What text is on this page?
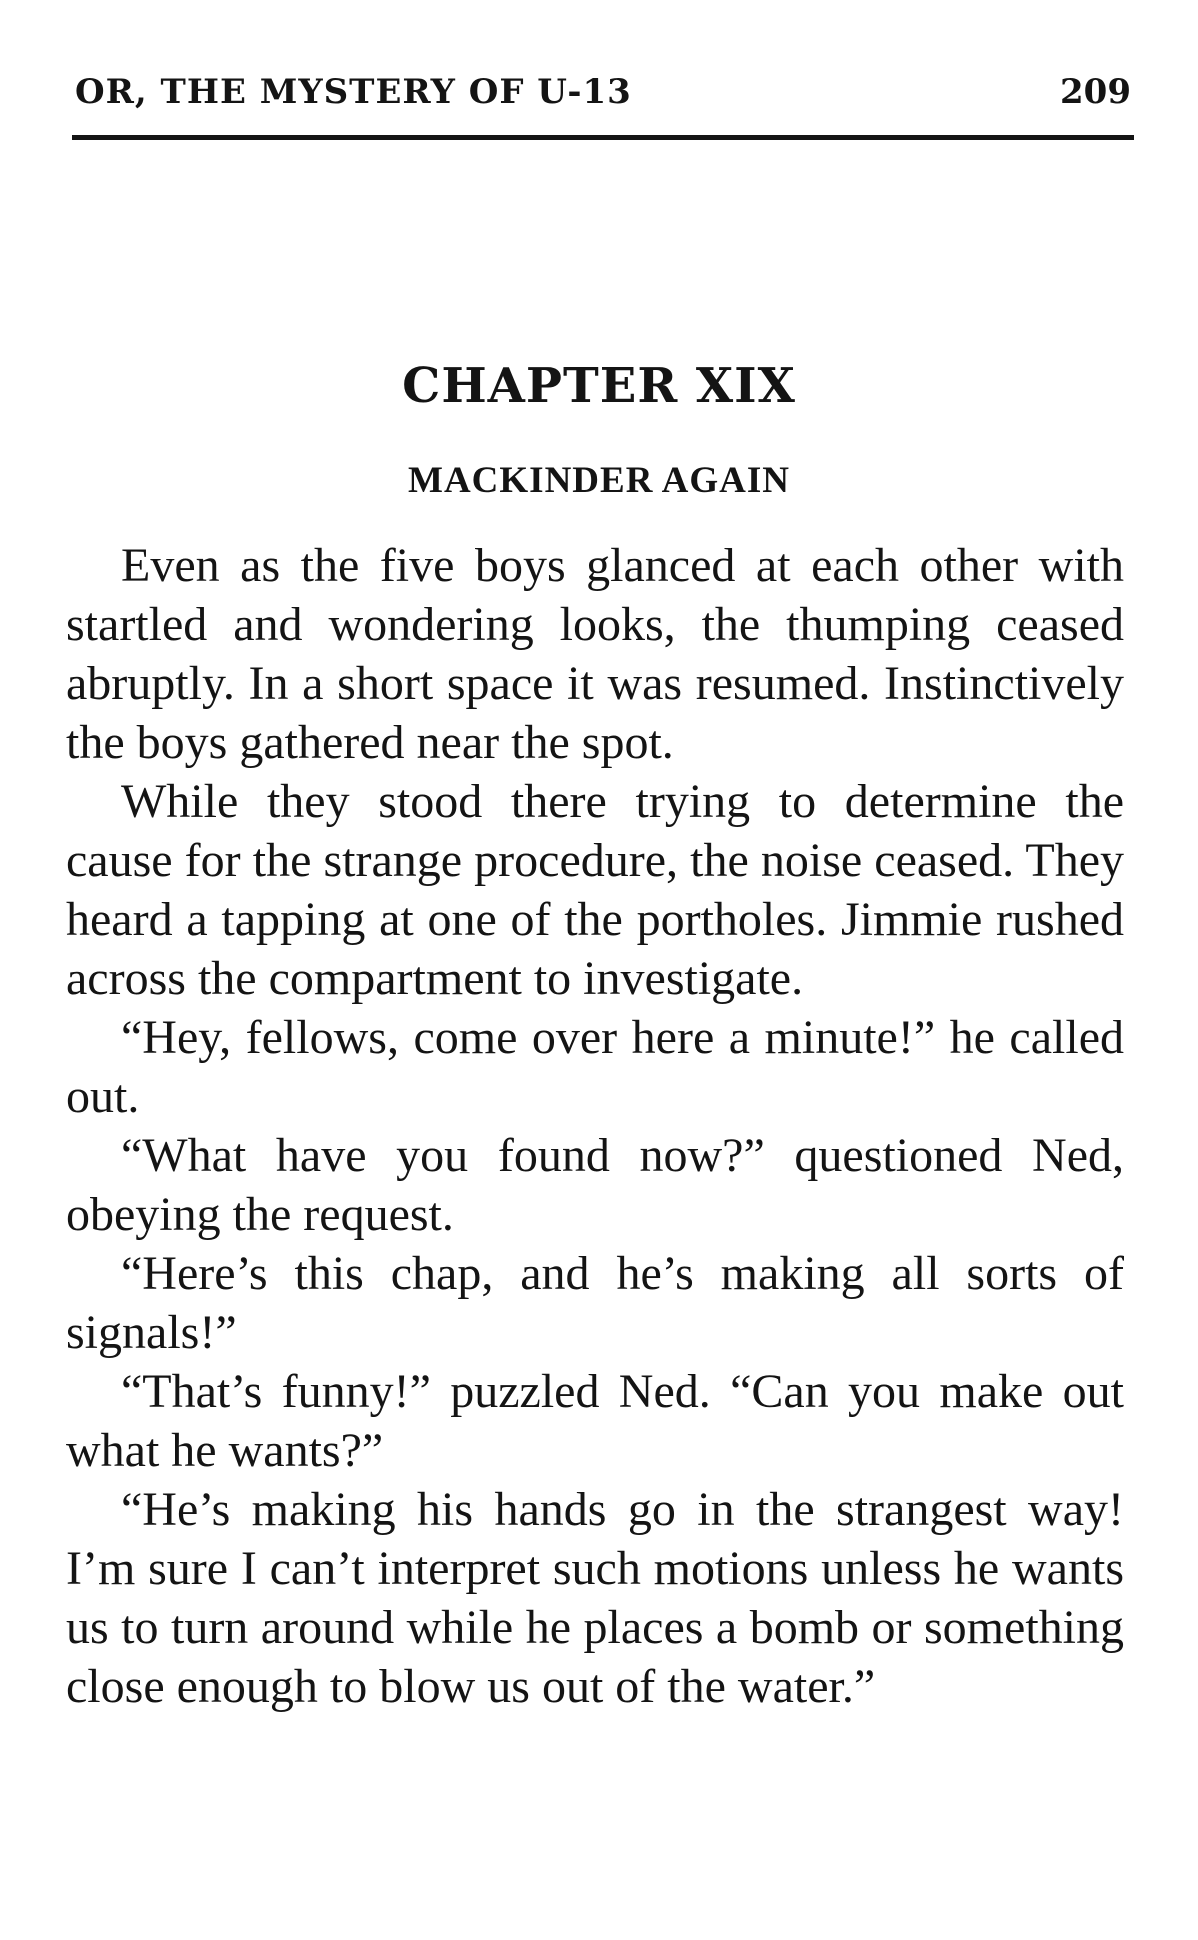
OR, THE MYSTERY OF U-13	209
CHAPTER XIX
MACKINDER AGAIN

Even as the five boys glanced at each other with startled and wondering looks, the thumping ceased abruptly. In a short space it was resumed. Instinctively the boys gathered near the spot.

While they stood there trying to determine the cause for the strange procedure, the noise ceased. They heard a tapping at one of the portholes. Jimmie rushed across the compartment to investigate.

“Hey, fellows, come over here a minute!” he called out.

“What have you found now?” questioned Ned, obeying the request.

“Here’s this chap, and he’s making all sorts of signals!”

“That’s funny!” puzzled Ned. “Can you make out what he wants?”

“He’s making his hands go in the strangest way! I’m sure I can’t interpret such motions unless he wants us to turn around while he places a bomb or something close enough to blow us out of the water.”
